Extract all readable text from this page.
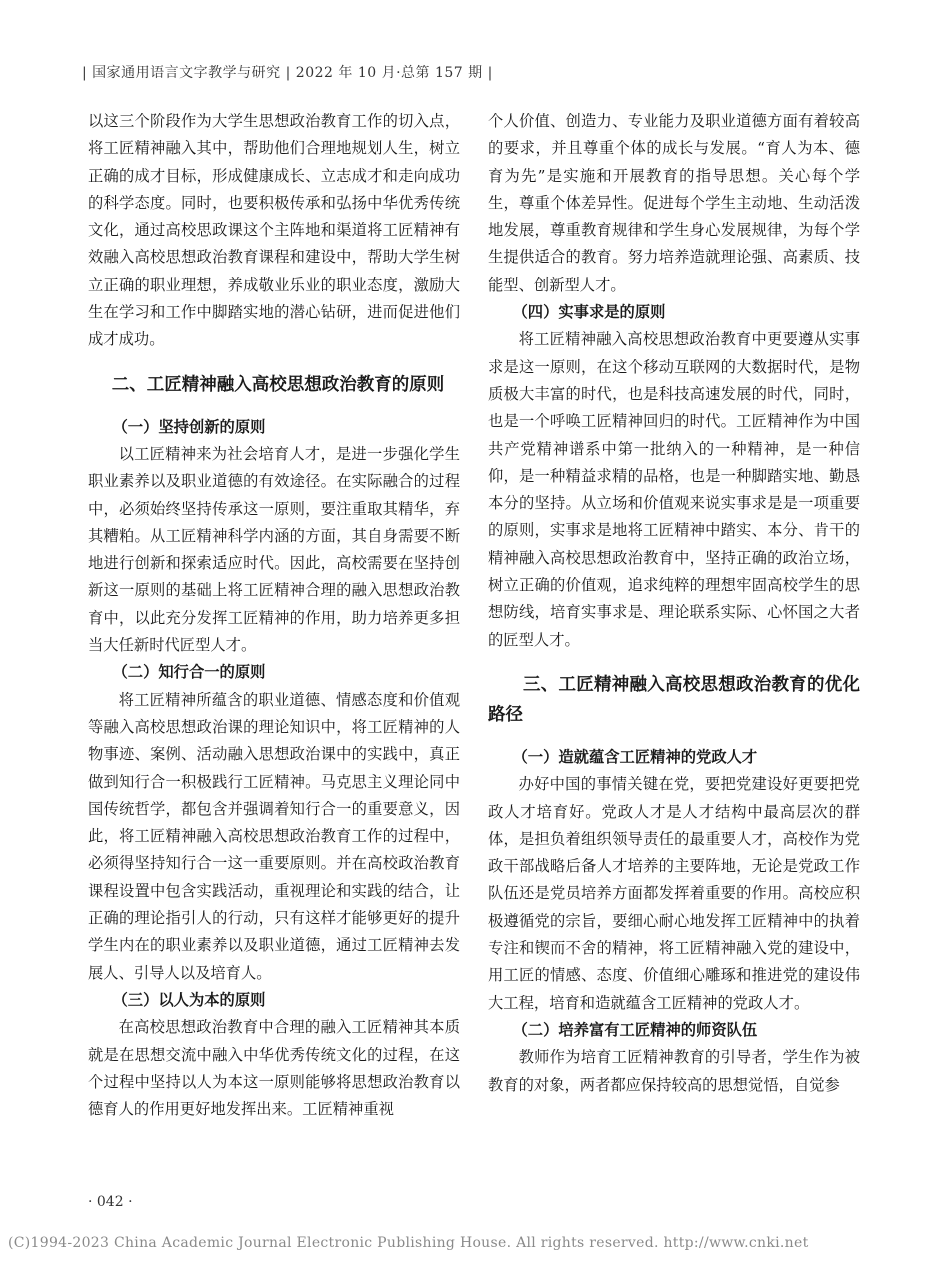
| 国家通用语言文字教学与研究 | 2022 年 10 月·总第 157 期 |

以这三个阶段作为大学生思想政治教育工作的切入点，将工匠精神融入其中，帮助他们合理地规划人生，树立正确的成才目标，形成健康成长、立志成才和走向成功的科学态度。同时，也要积极传承和弘扬中华优秀传统文化，通过高校思政课这个主阵地和渠道将工匠精神有效融入高校思想政治教育课程和建设中，帮助大学生树立正确的职业理想，养成敬业乐业的职业态度，激励大生在学习和工作中脚踏实地的潜心钻研，进而促进他们成才成功。

二、工匠精神融入高校思想政治教育的原则
（一）坚持创新的原则

以工匠精神来为社会培育人才，是进一步强化学生职业素养以及职业道德的有效途径。在实际融合的过程中，必须始终坚持传承这一原则，要注重取其精华，弃其糟粕。从工匠精神科学内涵的方面，其自身需要不断地进行创新和探索适应时代。因此，高校需要在坚持创新这一原则的基础上将工匠精神合理的融入思想政治教育中，以此充分发挥工匠精神的作用，助力培养更多担当大任新时代匠型人才。

（二）知行合一的原则

将工匠精神所蕴含的职业道德、情感态度和价值观等融入高校思想政治课的理论知识中，将工匠精神的人物事迹、案例、活动融入思想政治课中的实践中，真正做到知行合一积极践行工匠精神。马克思主义理论同中国传统哲学，都包含并强调着知行合一的重要意义，因此，将工匠精神融入高校思想政治教育工作的过程中，必须得坚持知行合一这一重要原则。并在高校政治教育课程设置中包含实践活动，重视理论和实践的结合，让正确的理论指引人的行动，只有这样才能够更好的提升学生内在的职业素养以及职业道德，通过工匠精神去发展人、引导人以及培育人。

（三）以人为本的原则

在高校思想政治教育中合理的融入工匠精神其本质就是在思想交流中融入中华优秀传统文化的过程，在这个过程中坚持以人为本这一原则能够将思想政治教育以德育人的作用更好地发挥出来。工匠精神重视

个人价值、创造力、专业能力及职业道德方面有着较高的要求，并且尊重个体的成长与发展。“育人为本、德育为先”是实施和开展教育的指导思想。关心每个学生，尊重个体差异性。促进每个学生主动地、生动活泼地发展，尊重教育规律和学生身心发展规律，为每个学生提供适合的教育。努力培养造就理论强、高素质、技能型、创新型人才。

（四）实事求是的原则

将工匠精神融入高校思想政治教育中更要遵从实事求是这一原则，在这个移动互联网的大数据时代，是物质极大丰富的时代，也是科技高速发展的时代，同时，也是一个呼唤工匠精神回归的时代。工匠精神作为中国共产党精神谱系中第一批纳入的一种精神，是一种信仰，是一种精益求精的品格，也是一种脚踏实地、勤恳本分的坚持。从立场和价值观来说实事求是是一项重要的原则，实事求是地将工匠精神中踏实、本分、肯干的精神融入高校思想政治教育中，坚持正确的政治立场，树立正确的价值观，追求纯粹的理想牢固高校学生的思想防线，培育实事求是、理论联系实际、心怀国之大者的匠型人才。

三、工匠精神融入高校思想政治教育的优化路径
（一）造就蕴含工匠精神的党政人才

办好中国的事情关键在党，要把党建设好更要把党政人才培育好。党政人才是人才结构中最高层次的群体，是担负着组织领导责任的最重要人才，高校作为党政干部战略后备人才培养的主要阵地，无论是党政工作队伍还是党员培养方面都发挥着重要的作用。高校应积极遵循党的宗旨，要细心耐心地发挥工匠精神中的执着专注和锲而不舍的精神，将工匠精神融入党的建设中，用工匠的情感、态度、价值细心雕琢和推进党的建设伟大工程，培育和造就蕴含工匠精神的党政人才。

（二）培养富有工匠精神的师资队伍

教师作为培育工匠精神教育的引导者，学生作为被教育的对象，两者都应保持较高的思想觉悟，自觉参

· 042 ·
(C)1994-2023 China Academic Journal Electronic Publishing House. All rights reserved. http://www.cnki.net
